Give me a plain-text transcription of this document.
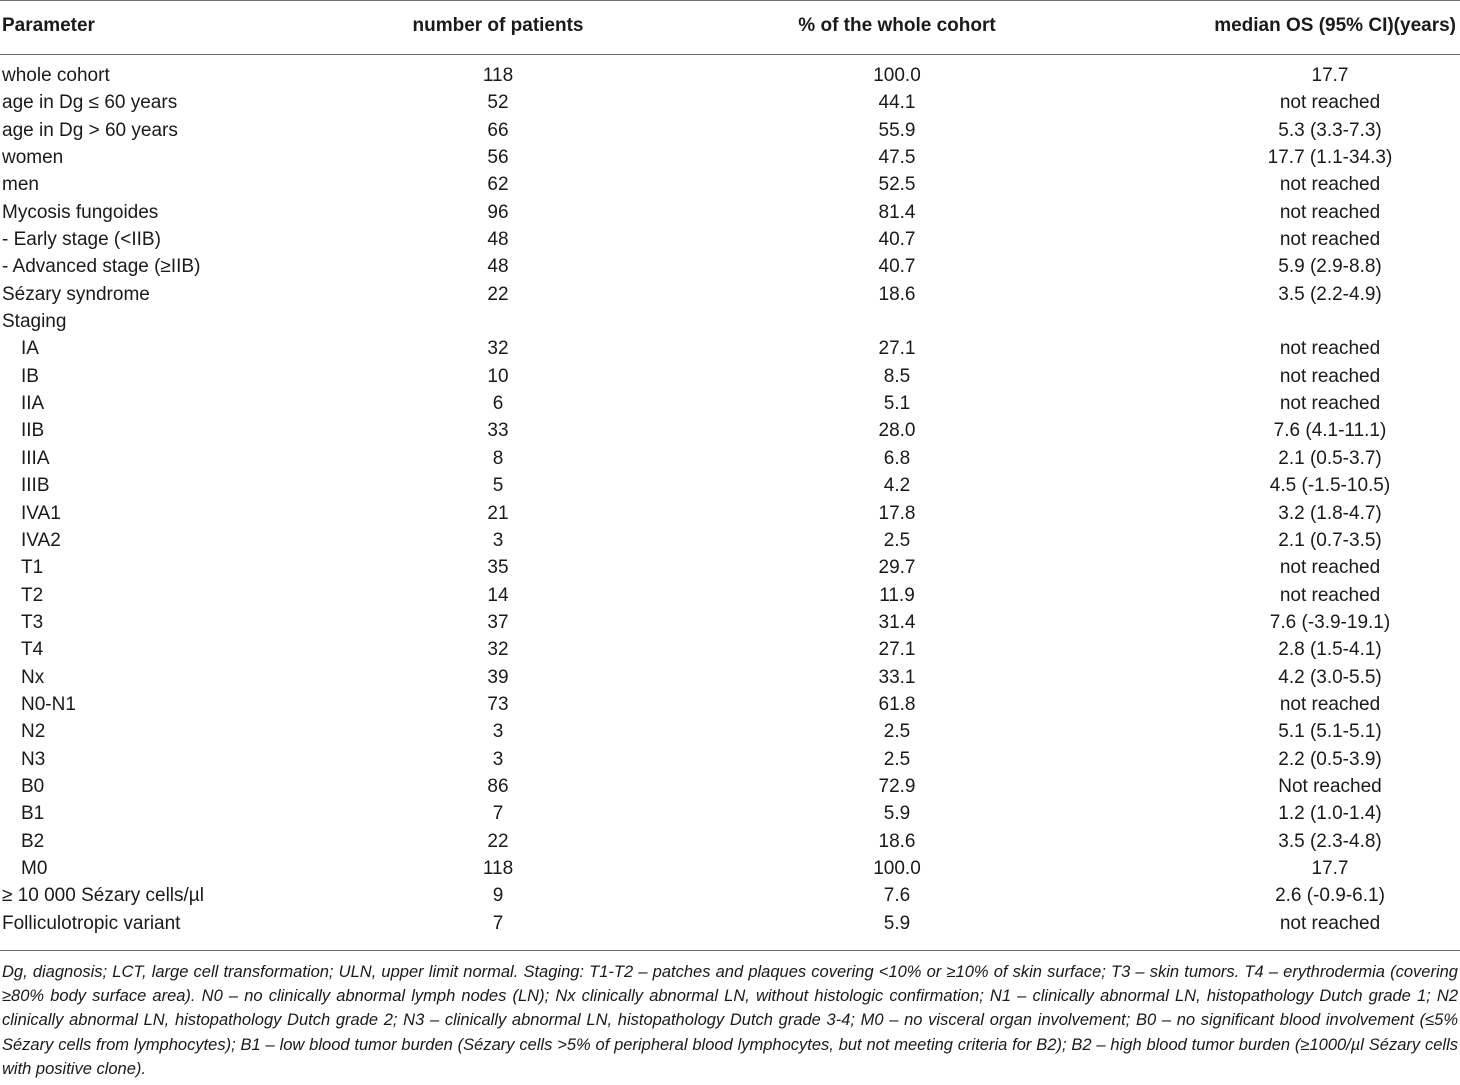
Parameter	number of patients	% of the whole cohort	median OS (95% CI)(years)
whole cohort	118	100.0	17.7
age in Dg ≤ 60 years	52	44.1	not reached
age in Dg > 60 years	66	55.9	5.3 (3.3-7.3)
women	56	47.5	17.7 (1.1-34.3)
men	62	52.5	not reached
Mycosis fungoides	96	81.4	not reached
- Early stage (<IIB)	48	40.7	not reached
- Advanced stage (≥IIB)	48	40.7	5.9 (2.9-8.8)
Sézary syndrome	22	18.6	3.5 (2.2-4.9)
Staging
IA	32	27.1	not reached
IB	10	8.5	not reached
IIA	6	5.1	not reached
IIB	33	28.0	7.6 (4.1-11.1)
IIIA	8	6.8	2.1 (0.5-3.7)
IIIB	5	4.2	4.5 (-1.5-10.5)
IVA1	21	17.8	3.2 (1.8-4.7)
IVA2	3	2.5	2.1 (0.7-3.5)
T1	35	29.7	not reached
T2	14	11.9	not reached
T3	37	31.4	7.6 (-3.9-19.1)
T4	32	27.1	2.8 (1.5-4.1)
Nx	39	33.1	4.2 (3.0-5.5)
N0-N1	73	61.8	not reached
N2	3	2.5	5.1 (5.1-5.1)
N3	3	2.5	2.2 (0.5-3.9)
B0	86	72.9	Not reached
B1	7	5.9	1.2 (1.0-1.4)
B2	22	18.6	3.5 (2.3-4.8)
M0	118	100.0	17.7
≥ 10 000 Sézary cells/µl	9	7.6	2.6 (-0.9-6.1)
Folliculotropic variant	7	5.9	not reached
Dg, diagnosis; LCT, large cell transformation; ULN, upper limit normal. Staging: T1-T2 – patches and plaques covering <10% or ≥10% of skin surface; T3 – skin tumors. T4 – erythrodermia (covering ≥80% body surface area). N0 – no clinically abnormal lymph nodes (LN); Nx clinically abnormal LN, without histologic confirmation; N1 – clinically abnormal LN, histopathology Dutch grade 1; N2 clinically abnormal LN, histopathology Dutch grade 2; N3 – clinically abnormal LN, histopathology Dutch grade 3-4; M0 – no visceral organ involvement; B0 – no significant blood involvement (≤5% Sézary cells from lymphocytes); B1 – low blood tumor burden (Sézary cells >5% of peripheral blood lymphocytes, but not meeting criteria for B2); B2 – high blood tumor burden (≥1000/µl Sézary cells with positive clone).
